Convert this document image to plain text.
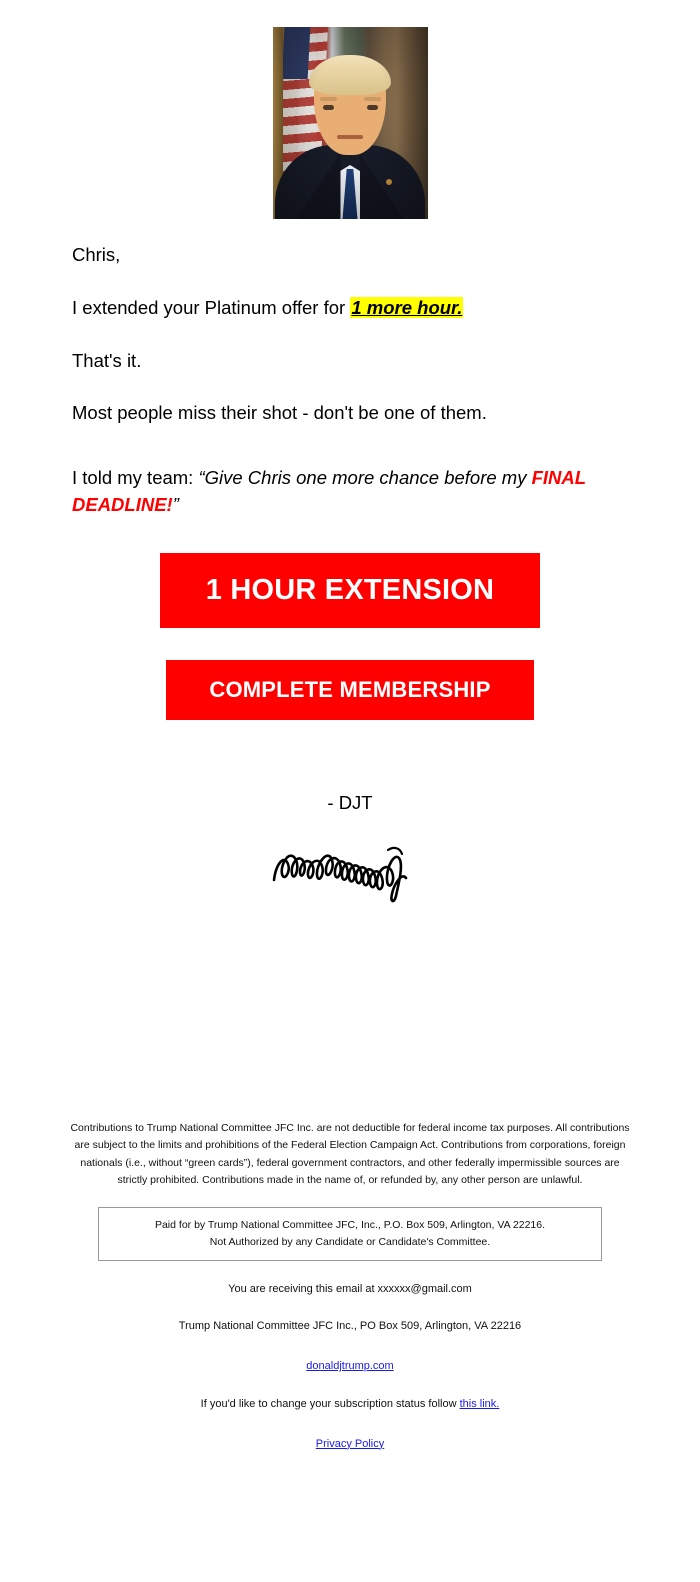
Chris,

I extended your Platinum offer for 1 more hour.

That's it.

Most people miss their shot - don't be one of them.

I told my team: “Give Chris one more chance before my FINAL DEADLINE!”

1 HOUR EXTENSION
COMPLETE MEMBERSHIP
- DJT

Contributions to Trump National Committee JFC Inc. are not deductible for federal income tax purposes. All contributions are subject to the limits and prohibitions of the Federal Election Campaign Act. Contributions from corporations, foreign nationals (i.e., without “green cards”), federal government contractors, and other federally impermissible sources are strictly prohibited. Contributions made in the name of, or refunded by, any other person are unlawful.

Paid for by Trump National Committee JFC, Inc., P.O. Box 509, Arlington, VA 22216.
Not Authorized by any Candidate or Candidate's Committee.

You are receiving this email at xxxxxx@gmail.com

Trump National Committee JFC Inc., PO Box 509, Arlington, VA 22216

donaldjtrump.com

If you'd like to change your subscription status follow this link.

Privacy Policy
